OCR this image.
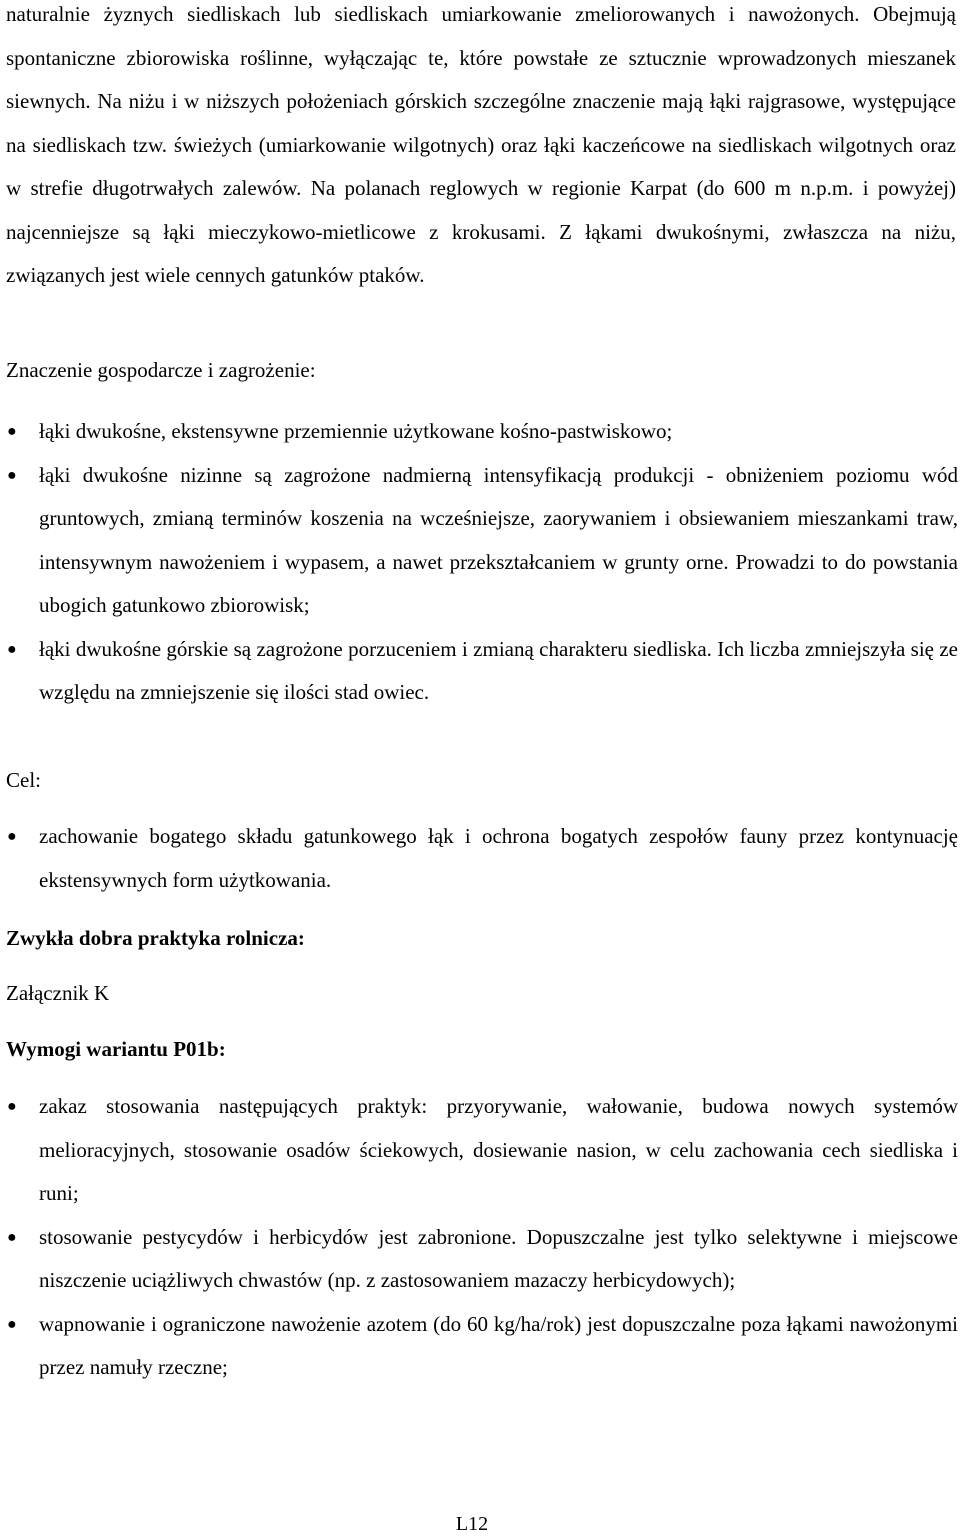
naturalnie żyznych siedliskach lub siedliskach umiarkowanie zmeliorowanych i nawożonych. Obejmują spontaniczne zbiorowiska roślinne, wyłączając te, które powstałe ze sztucznie wprowadzonych mieszanek siewnych. Na niżu i w niższych położeniach górskich szczególne znaczenie mają łąki rajgrasowe, występujące na siedliskach tzw. świeżych (umiarkowanie wilgotnych) oraz łąki kaczeńcowe na siedliskach wilgotnych oraz w strefie długotrwałych zalewów. Na polanach reglowych w regionie Karpat (do 600 m n.p.m. i powyżej) najcenniejsze są łąki mieczykowo-mietlicowe z krokusami. Z łąkami dwukośnymi, zwłaszcza na niżu, związanych jest wiele cennych gatunków ptaków.

Znaczenie gospodarcze i zagrożenie:
● łąki dwukośne, ekstensywne przemiennie użytkowane kośno-pastwiskowo;
● łąki dwukośne nizinne są zagrożone nadmierną intensyfikacją produkcji - obniżeniem poziomu wód gruntowych, zmianą terminów koszenia na wcześniejsze, zaorywaniem i obsiewaniem mieszankami traw, intensywnym nawożeniem i wypasem, a nawet przekształcaniem w grunty orne. Prowadzi to do powstania ubogich gatunkowo zbiorowisk;
● łąki dwukośne górskie są zagrożone porzuceniem i zmianą charakteru siedliska. Ich liczba zmniejszyła się ze względu na zmniejszenie się ilości stad owiec.
Cel:
● zachowanie bogatego składu gatunkowego łąk i ochrona bogatych zespołów fauny przez kontynuację ekstensywnych form użytkowania.
Zwykła dobra praktyka rolnicza:

Załącznik K

Wymogi wariantu P01b:
● zakaz stosowania następujących praktyk: przyorywanie, wałowanie, budowa nowych systemów melioracyjnych, stosowanie osadów ściekowych, dosiewanie nasion, w celu zachowania cech siedliska i runi;
● stosowanie pestycydów i herbicydów jest zabronione. Dopuszczalne jest tylko selektywne i miejscowe niszczenie uciążliwych chwastów (np. z zastosowaniem mazaczy herbicydowych);
● wapnowanie i ograniczone nawożenie azotem (do 60 kg/ha/rok) jest dopuszczalne poza łąkami nawożonymi przez namuły rzeczne;
L12
